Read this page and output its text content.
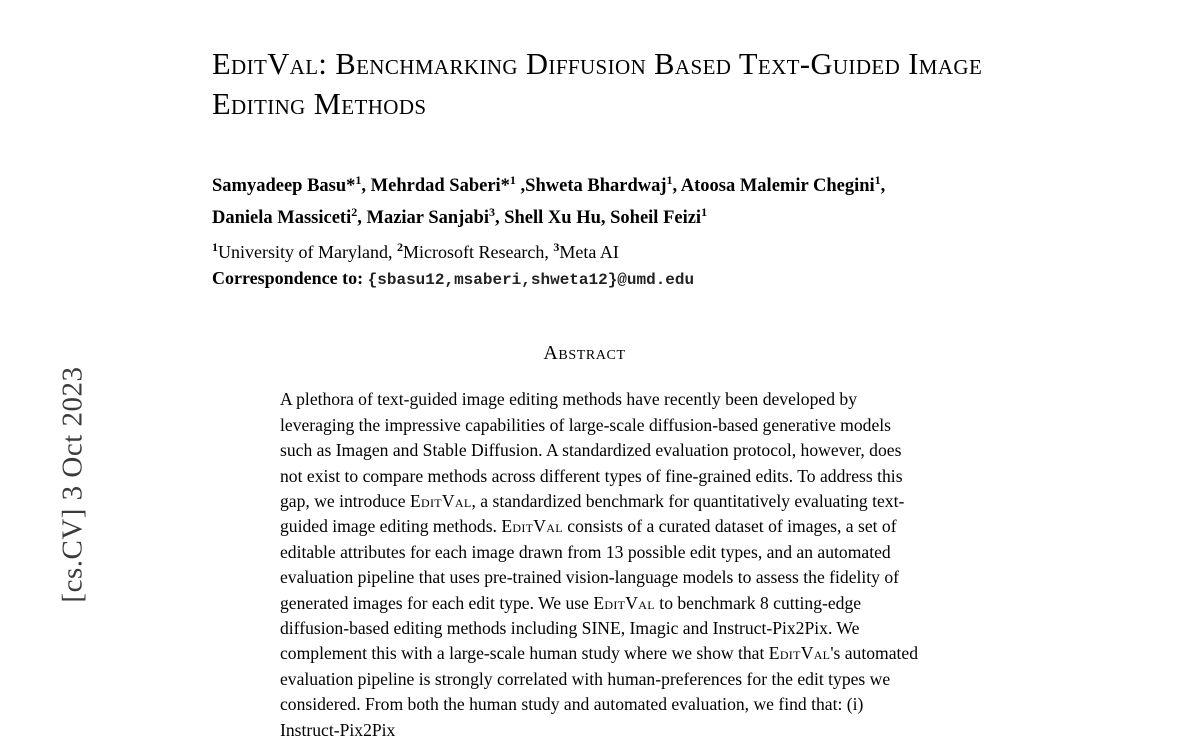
[cs.CV] 3 Oct 2023
EditVal: Benchmarking Diffusion Based Text-Guided Image Editing Methods
Samyadeep Basu*$^1$, Mehrdad Saberi*$^1$ ,Shweta Bhardwaj$^1$, Atoosa Malemir Chegini$^1$,
Daniela Massiceti$^2$, Maziar Sanjabi$^3$, Shell Xu Hu, Soheil Feizi$^1$
$^1$University of Maryland, $^2$Microsoft Research, $^3$Meta AI
Correspondence to: {sbasu12,msaberi,shweta12}@umd.edu
Abstract

A plethora of text-guided image editing methods have recently been developed by leveraging the impressive capabilities of large-scale diffusion-based generative models such as Imagen and Stable Diffusion. A standardized evaluation protocol, however, does not exist to compare methods across different types of fine-grained edits. To address this gap, we introduce EditVal, a standardized benchmark for quantitatively evaluating text-guided image editing methods. EditVal consists of a curated dataset of images, a set of editable attributes for each image drawn from 13 possible edit types, and an automated evaluation pipeline that uses pre-trained vision-language models to assess the fidelity of generated images for each edit type. We use EditVal to benchmark 8 cutting-edge diffusion-based editing methods including SINE, Imagic and Instruct-Pix2Pix. We complement this with a large-scale human study where we show that EditVal's automated evaluation pipeline is strongly correlated with human-preferences for the edit types we considered. From both the human study and automated evaluation, we find that: (i) Instruct-Pix2Pix
